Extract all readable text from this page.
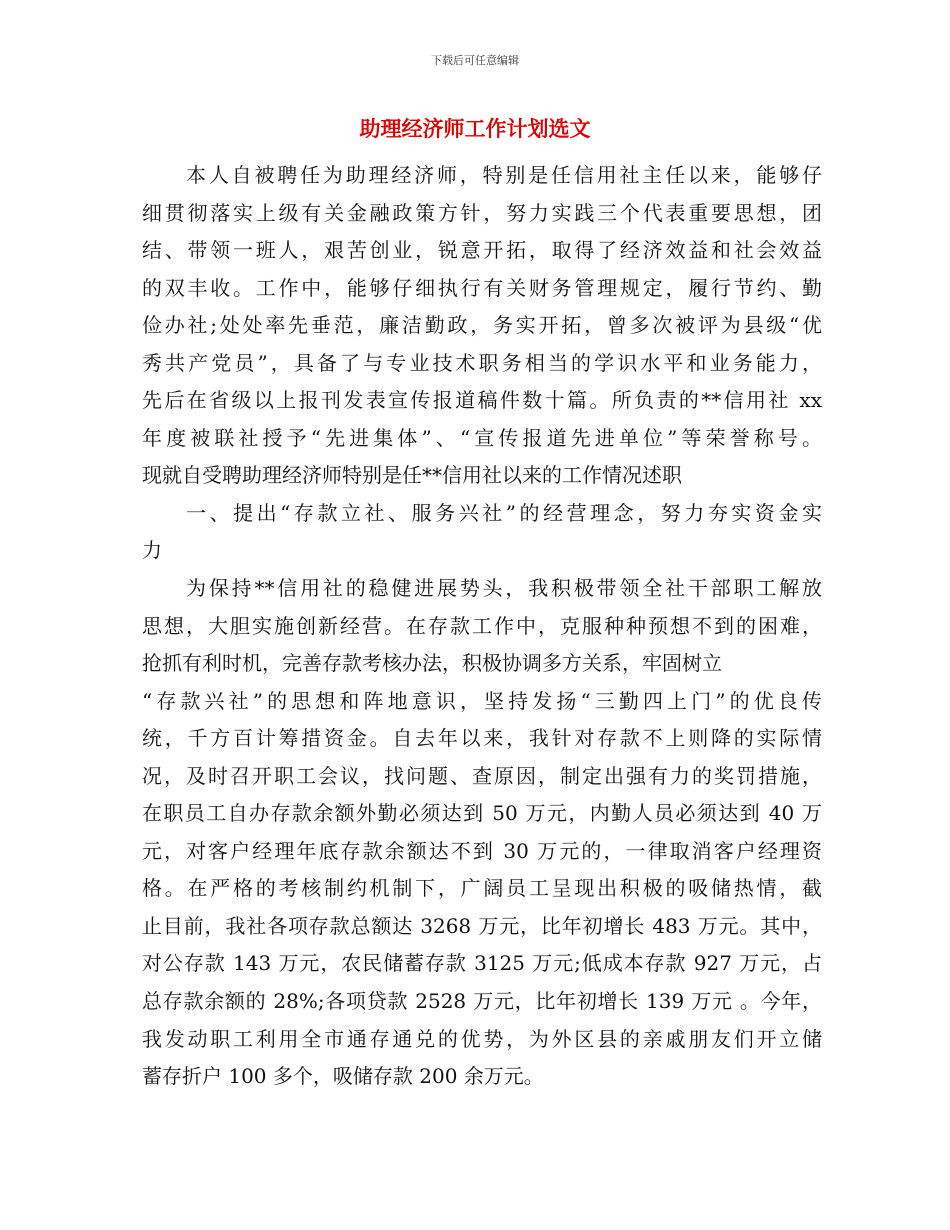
下载后可任意编辑
助理经济师工作计划选文
本人自被聘任为助理经济师，特别是任信用社主任以来，能够仔
细贯彻落实上级有关金融政策方针，努力实践三个代表重要思想，团
结、带领一班人，艰苦创业，锐意开拓，取得了经济效益和社会效益
的双丰收。工作中，能够仔细执行有关财务管理规定，履行节约、勤
俭办社;处处率先垂范，廉洁勤政，务实开拓，曾多次被评为县级“优
秀共产党员”，具备了与专业技术职务相当的学识水平和业务能力，
先后在省级以上报刊发表宣传报道稿件数十篇。所负责的**信用社 xx
年度被联社授予“先进集体”、“宣传报道先进单位”等荣誉称号。
现就自受聘助理经济师特别是任**信用社以来的工作情况述职
一、提出“存款立社、服务兴社”的经营理念，努力夯实资金实
力
为保持**信用社的稳健进展势头，我积极带领全社干部职工解放
思想，大胆实施创新经营。在存款工作中，克服种种预想不到的困难，
抢抓有利时机，完善存款考核办法，积极协调多方关系，牢固树立
“存款兴社”的思想和阵地意识，坚持发扬“三勤四上门”的优良传
统，千方百计筹措资金。自去年以来，我针对存款不上则降的实际情
况，及时召开职工会议，找问题、查原因，制定出强有力的奖罚措施，
在职员工自办存款余额外勤必须达到 50 万元，内勤人员必须达到 40 万
元，对客户经理年底存款余额达不到 30 万元的，一律取消客户经理资
格。在严格的考核制约机制下，广阔员工呈现出积极的吸储热情，截
止目前，我社各项存款总额达 3268 万元，比年初增长 483 万元。其中，
对公存款 143 万元，农民储蓄存款 3125 万元;低成本存款 927 万元，占
总存款余额的 28%;各项贷款 2528 万元，比年初增长 139 万元 。今年，
我发动职工利用全市通存通兑的优势，为外区县的亲戚朋友们开立储
蓄存折户 100 多个，吸储存款 200 余万元。
